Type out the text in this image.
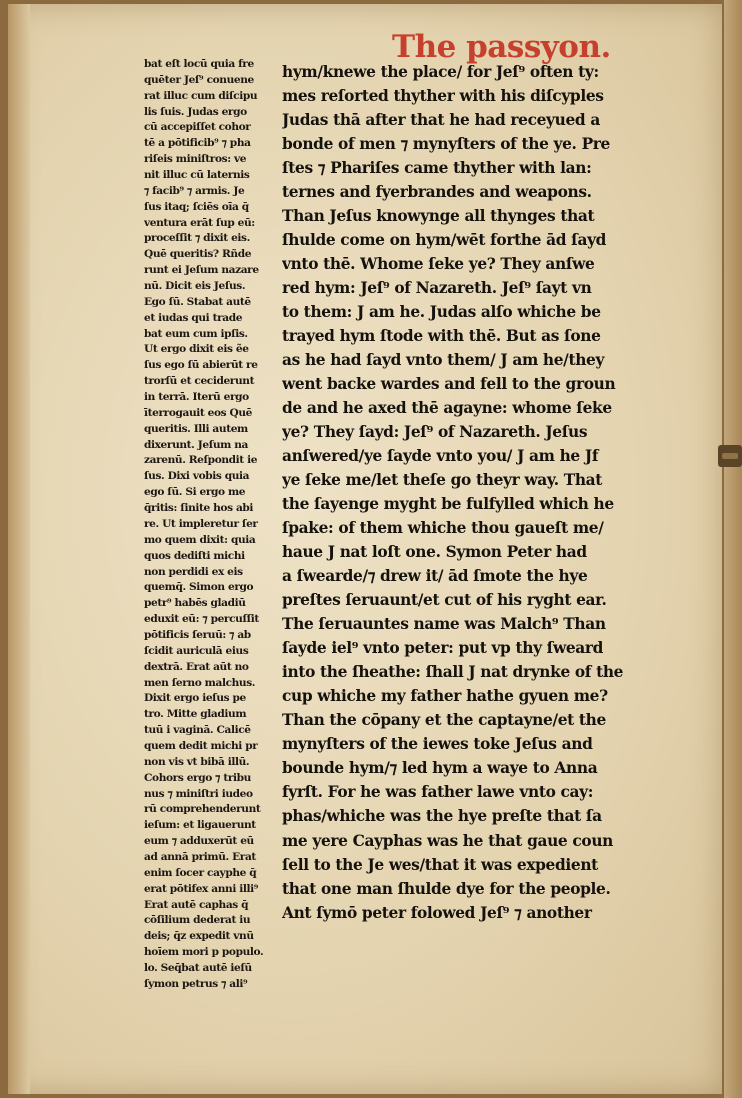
The passyon.
bat eſt locū quia fre
quēter Jeſ⁹ conuene
rat illuc cum diſcipu
lis ſuis. Judas ergo
cū accepiſſet cohor
tē a pōtificib⁹ ⁊ pha
riſeis miniſtros: ve
nit illuc cū laternis
⁊ facib⁹ ⁊ armis. Je
ſus itaq; ſciēs oīa q̄
ventura erāt ſup eū:
proceſſit ⁊ dixit eis.
Quē queritis? Rñde
runt ei Jeſum nazare
nū. Dicit eis Jeſus.
Ego ſū. Stabat autē
et iudas qui trade
bat eum cum ipſis.
Ut ergo dixit eis ẽe
ſus ego ſū abierūt re
trorſū et ceciderunt
in terrā. Iterū ergo
īterrogauit eos Quē
queritis. Illi autem
dixerunt. Jeſum na
zarenū. Reſpondit ie
ſus. Dixi vobis quia
ego ſū. Si ergo me
q̄ritis: ſinite hos abi
re. Ut impleretur ſer
mo quem dixit: quia
quos dediſti michi
non perdidi ex eis
quemq̄. Simon ergo
petr⁹ habēs gladiū
eduxit eū: ⁊ percuſſit
pōtificis ſeruū: ⁊ ab
ſcidit auriculā eius
dextrā. Erat aūt no
men ſerno malchus.
Dixit ergo ieſus pe
tro. Mitte gladium
tuū i vaginā. Calicē
quem dedit michi pr
non vis vt bibā illū.
Cohors ergo ⁊ tribu
nus ⁊ miniſtri iudeo
rū comprehenderunt
ieſum: et ligauerunt
eum ⁊ adduxerūt eū
ad annā primū. Erat
enim ſocer cayphe q̄
erat pōtifex anni illi⁹
Erat autē caphas q̄
cōſilium dederat iu
deis; q̄z expedit vnū
hoīem mori p populo.
lo. Seq̄bat autē ieſū
ſymon petrus ⁊ ali⁹
hym/knewe the place/ for Jeſ⁹ often ty:
mes reſorted thyther with his diſcyples
Judas thā after that he had receyued a
bonde of men ⁊ mynyſters of the ye. Pre
ſtes ⁊ Phariſes came thyther with lan:
ternes and fyerbrandes and weapons.
Than Jeſus knowynge all thynges that
ſhulde come on hym/wēt forthe ād ſayd
vnto thē. Whome ſeke ye? They anſwe
red hym: Jeſ⁹ of Nazareth. Jeſ⁹ ſayt vn
to them: J am he. Judas alſo whiche be
trayed hym ſtode with thē. But as ſone
as he had ſayd vnto them/ J am he/they
went backe wardes and fell to the groun
de and he axed thē agayne: whome ſeke
ye? They ſayd: Jeſ⁹ of Nazareth. Jeſus
anſwered/ye ſayde vnto you/ J am he Jf
ye ſeke me/let theſe go theyr way. That
the ſayenge myght be fulfylled which he
ſpake: of them whiche thou gaueſt me/
haue J nat loſt one. Symon Peter had
a ſwearde/⁊ drew it/ ād ſmote the hye
preſtes ſeruaunt/et cut of his ryght ear.
The ſeruauntes name was Malch⁹ Than
ſayde iel⁹ vnto peter: put vp thy ſweard
into the ſheathe: ſhall J nat drynke of the
cup whiche my father hathe gyuen me?
Than the cōpany et the captayne/et the
mynyſters of the iewes toke Jeſus and
bounde hym/⁊ led hym a waye to Anna
fyrſt. For he was father lawe vnto cay:
phas/whiche was the hye preſte that ſa
me yere Cayphas was he that gaue coun
ſell to the Je wes/that it was expedient
that one man ſhulde dye for the people.
Ant ſymō peter folowed Jeſ⁹ ⁊ another
